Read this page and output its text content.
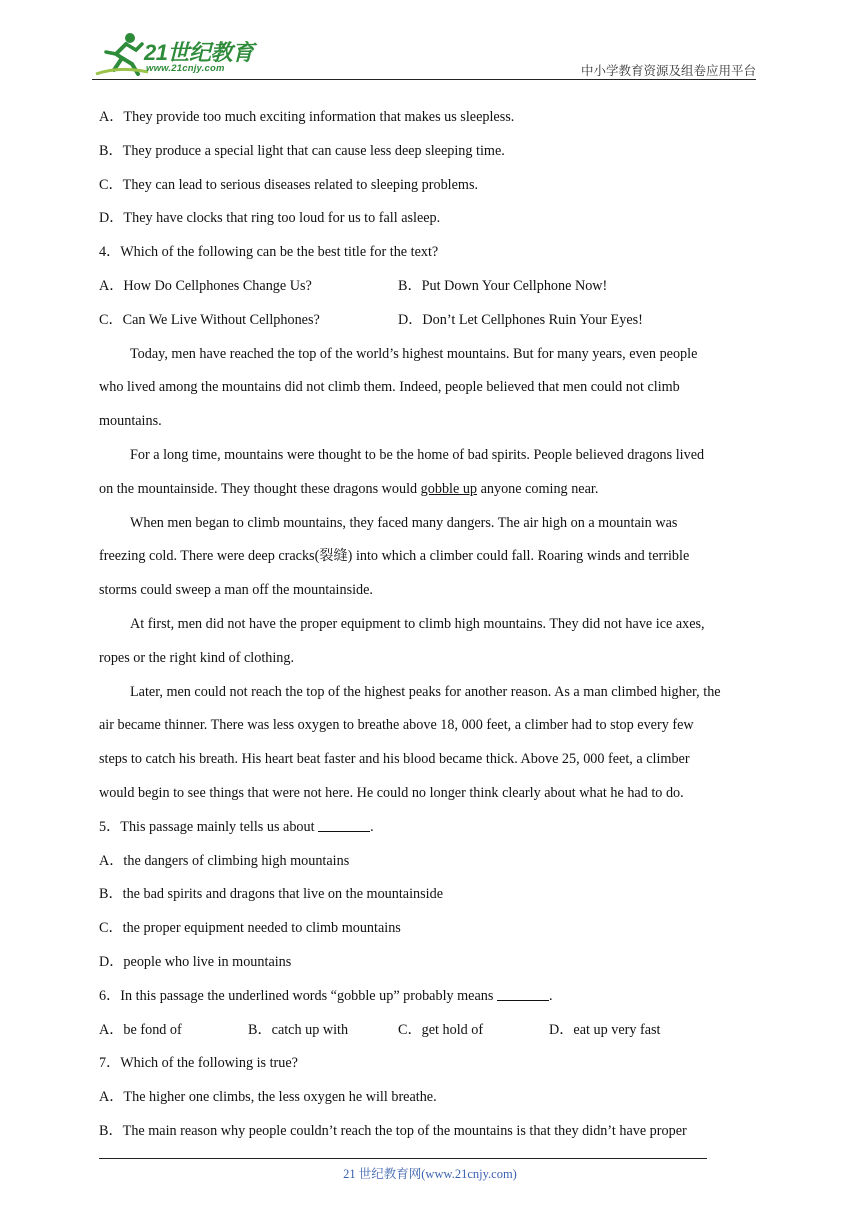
21世纪教育
www.21cnjy.com	中小学教育资源及组卷应用平台
A．They provide too much exciting information that makes us sleepless.
B．They produce a special light that can cause less deep sleeping time.
C．They can lead to serious diseases related to sleeping problems.
D．They have clocks that ring too loud for us to fall asleep.
4．Which of the following can be the best title for the text?
A．How Do Cellphones Change Us?	B．Put Down Your Cellphone Now!
C．Can We Live Without Cellphones?	D．Don’t Let Cellphones Ruin Your Eyes!
Today, men have reached the top of the world’s highest mountains. But for many years, even people
who lived among the mountains did not climb them. Indeed, people believed that men could not climb
mountains.
For a long time, mountains were thought to be the home of bad spirits. People believed dragons lived
on the mountainside. They thought these dragons would gobble up anyone coming near.
When men began to climb mountains, they faced many dangers. The air high on a mountain was
freezing cold. There were deep cracks(裂缝) into which a climber could fall. Roaring winds and terrible
storms could sweep a man off the mountainside.
At first, men did not have the proper equipment to climb high mountains. They did not have ice axes,
ropes or the right kind of clothing.
Later, men could not reach the top of the highest peaks for another reason. As a man climbed higher, the
air became thinner. There was less oxygen to breathe above 18, 000 feet, a climber had to stop every few
steps to catch his breath. His heart beat faster and his blood became thick. Above 25, 000 feet, a climber
would begin to see things that were not here. He could no longer think clearly about what he had to do.
5．This passage mainly tells us about	.
A．the dangers of climbing high mountains
B．the bad spirits and dragons that live on the mountainside
C．the proper equipment needed to climb mountains
D．people who live in mountains
6．In this passage the underlined words “gobble up” probably means	.
A．be fond of	B．catch up with	C．get hold of	D．eat up very fast
7．Which of the following is true?
A．The higher one climbs, the less oxygen he will breathe.
B．The main reason why people couldn’t reach the top of the mountains is that they didn’t have proper
21 世纪教育网(www.21cnjy.com)
